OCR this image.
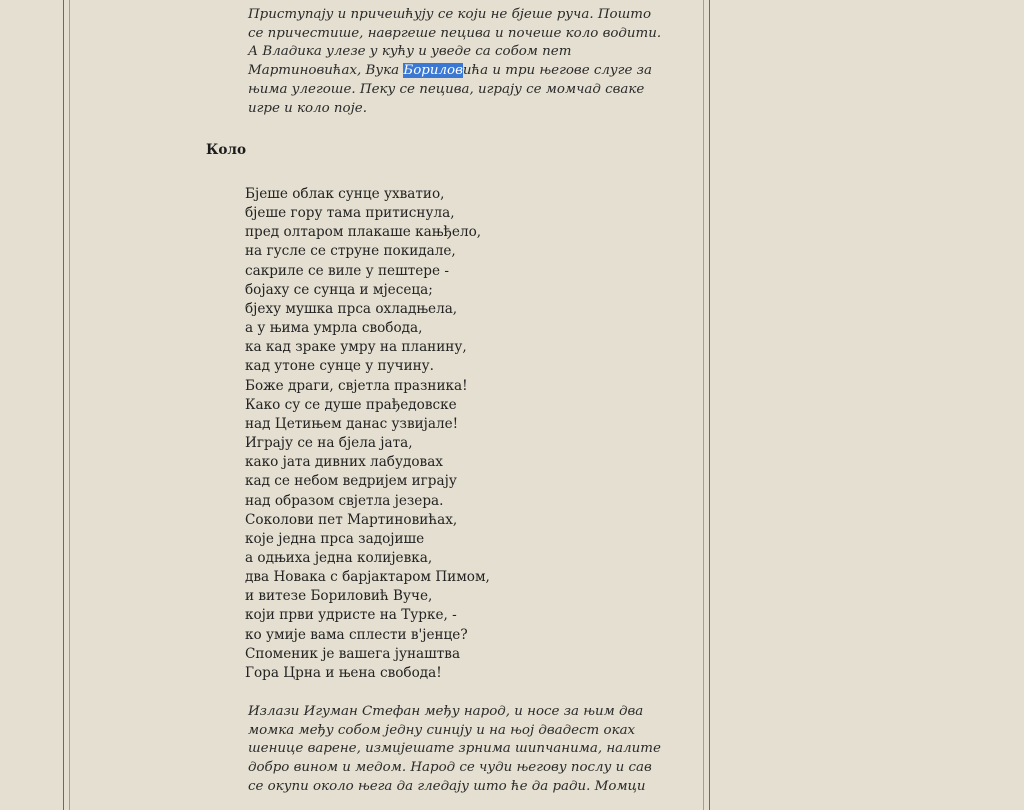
Приступају и причешћују се који не бјеше руча. Пошто
се причестише, навргеше пецива и почеше коло водити.
А Владика улезе у кућу и уведе са собом пет
Мартиновићах, Вука Бориловића и три његове слуге за
њима улегоше. Пеку се пецива, играју се момчад сваке
игре и коло поје.

Коло
Бјеше облак сунце ухватио,
бјеше гору тама притиснула,
пред олтаром плакаше кањђело,
на гусле се струне покидале,
сакриле се виле у пештере -
бојаху се сунца и мјесеца;
бјеху мушка прса охладњела,
а у њима умрла свобода,
ка кад зраке умру на планину,
кад утоне сунце у пучину.
Боже драги, свјетла празника!
Како су се душе прађедовске
над Цетињем данас узвијале!
Играју се на бјела јата,
како јата дивних лабудовах
кад се небом ведријем играју
над образом свјетла језера.
Соколови пет Мартиновићах,
које једна прса задојише
а одњиха једна колијевка,
два Новака с барјактаром Пимом,
и витезе Бориловић Вуче,
који први удристе на Турке, -
ко умије вама сплести в'јенце?
Споменик је вашега јунаштва
Гора Црна и њена свобода!

Излази Игуман Стефан међу народ, и носе за њим два
момка међу собом једну синију и на њој двадест оках
шенице варене, измијешате зрнима шипчанима, налите
добро вином и медом. Народ се чуди његову послу и сав
се окупи около њега да гледају што ће да ради. Момци
